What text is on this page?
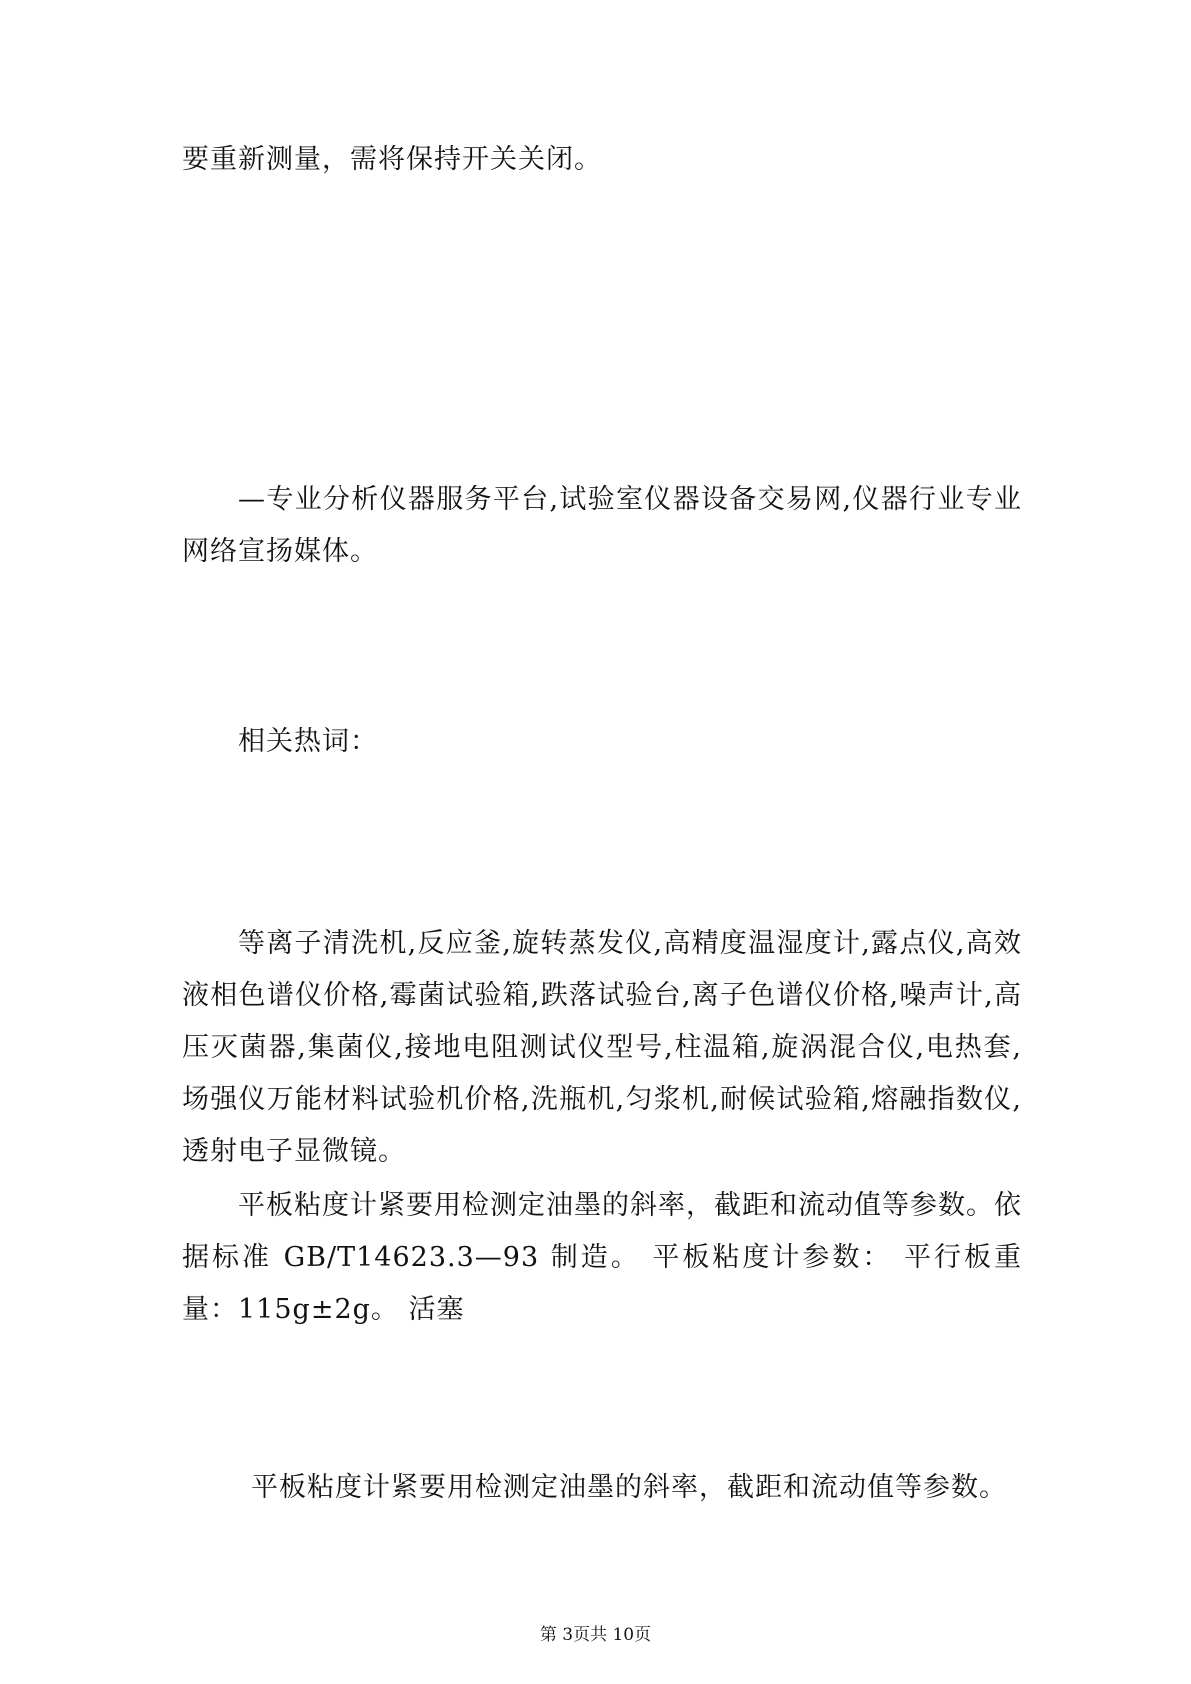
要重新测量，需将保持开关关闭。

—专业分析仪器服务平台,试验室仪器设备交易网,仪器行业专业网络宣扬媒体。

相关热词：

等离子清洗机,反应釜,旋转蒸发仪,高精度温湿度计,露点仪,高效液相色谱仪价格,霉菌试验箱,跌落试验台,离子色谱仪价格,噪声计,高压灭菌器,集菌仪,接地电阻测试仪型号,柱温箱,旋涡混合仪,电热套,场强仪万能材料试验机价格,洗瓶机,匀浆机,耐候试验箱,熔融指数仪,透射电子显微镜。

平板粘度计紧要用检测定油墨的斜率，截距和流动值等参数。依据标准 GB/T14623.3—93 制造。 平板粘度计参数： 平行板重量：115g±2g。 活塞

平板粘度计紧要用检测定油墨的斜率，截距和流动值等参数。

第 3页共 10页
